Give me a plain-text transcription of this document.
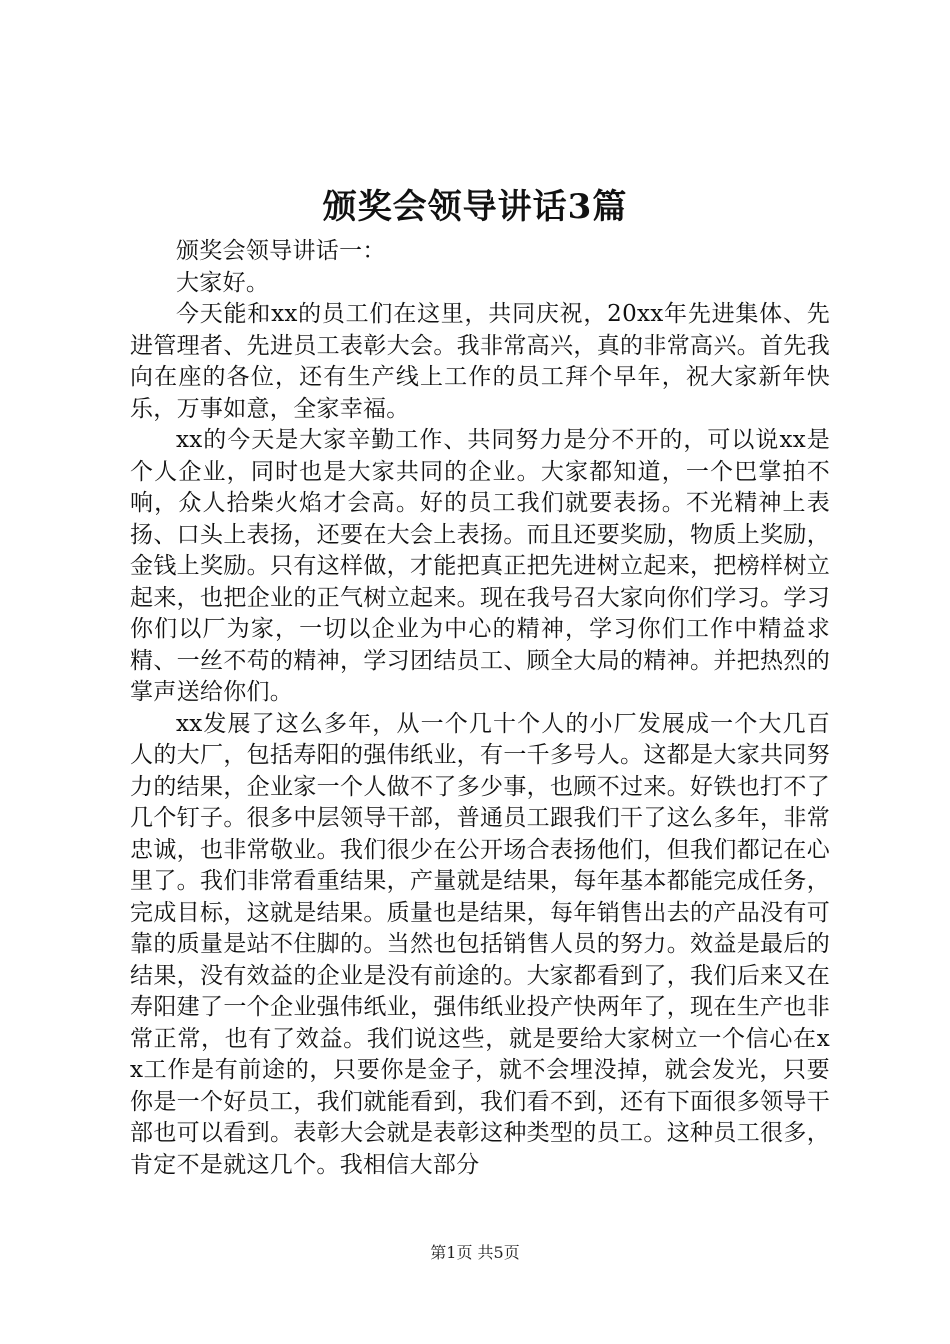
颁奖会领导讲话3篇

颁奖会领导讲话一：

大家好。

今天能和xx的员工们在这里，共同庆祝，20xx年先进集体、先进管理者、先进员工表彰大会。我非常高兴，真的非常高兴。首先我向在座的各位，还有生产线上工作的员工拜个早年，祝大家新年快乐，万事如意，全家幸福。

xx的今天是大家辛勤工作、共同努力是分不开的，可以说xx是个人企业，同时也是大家共同的企业。大家都知道，一个巴掌拍不响，众人拾柴火焰才会高。好的员工我们就要表扬。不光精神上表扬、口头上表扬，还要在大会上表扬。而且还要奖励，物质上奖励，金钱上奖励。只有这样做，才能把真正把先进树立起来，把榜样树立起来，也把企业的正气树立起来。现在我号召大家向你们学习。学习你们以厂为家，一切以企业为中心的精神，学习你们工作中精益求精、一丝不苟的精神，学习团结员工、顾全大局的精神。并把热烈的掌声送给你们。

xx发展了这么多年，从一个几十个人的小厂发展成一个大几百人的大厂，包括寿阳的强伟纸业，有一千多号人。这都是大家共同努力的结果，企业家一个人做不了多少事，也顾不过来。好铁也打不了几个钉子。很多中层领导干部，普通员工跟我们干了这么多年，非常忠诚，也非常敬业。我们很少在公开场合表扬他们，但我们都记在心里了。我们非常看重结果，产量就是结果，每年基本都能完成任务，完成目标，这就是结果。质量也是结果，每年销售出去的产品没有可靠的质量是站不住脚的。当然也包括销售人员的努力。效益是最后的结果，没有效益的企业是没有前途的。大家都看到了，我们后来又在寿阳建了一个企业强伟纸业，强伟纸业投产快两年了，现在生产也非常正常，也有了效益。我们说这些，就是要给大家树立一个信心在xx工作是有前途的，只要你是金子，就不会埋没掉，就会发光，只要你是一个好员工，我们就能看到，我们看不到，还有下面很多领导干部也可以看到。表彰大会就是表彰这种类型的员工。这种员工很多，肯定不是就这几个。我相信大部分

第1页 共5页
